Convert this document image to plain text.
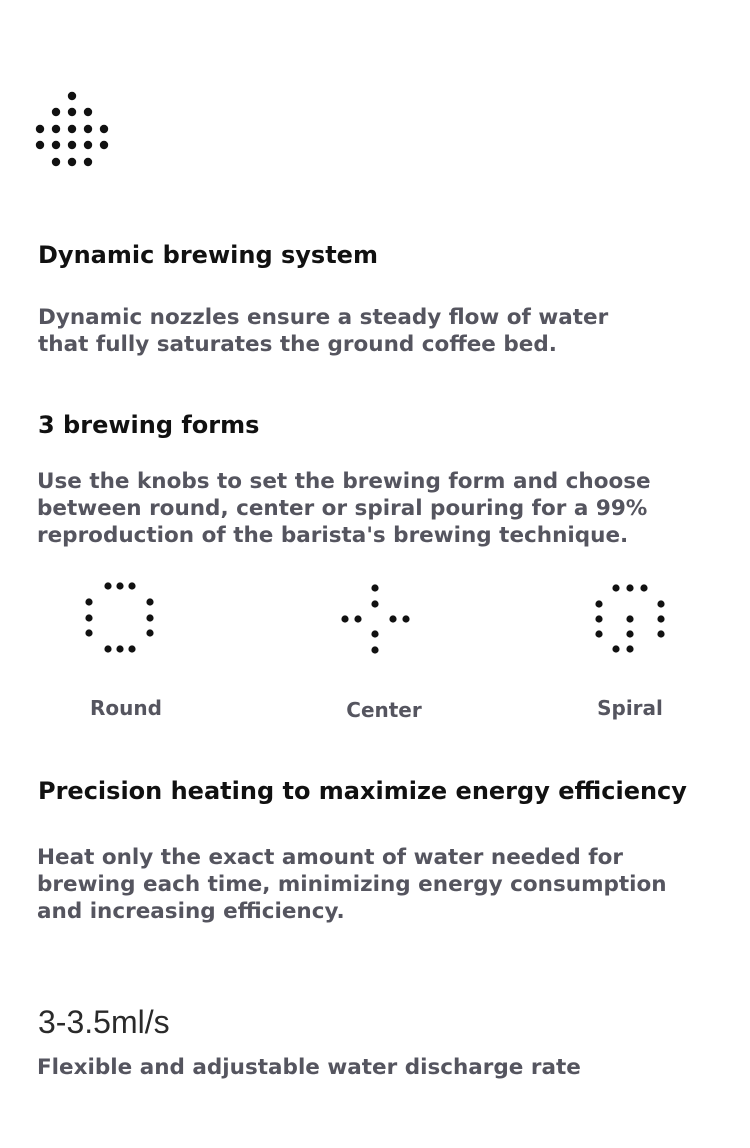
Dynamic brewing system
Dynamic nozzles ensure a steady flow of water that fully saturates the ground coffee bed.
3 brewing forms
Use the knobs to set the brewing form and choose between round, center or spiral pouring for a 99% reproduction of the barista's brewing technique.
Round	Center	Spiral
Precision heating to maximize energy efficiency
Heat only the exact amount of water needed for brewing each time, minimizing energy consumption and increasing efficiency.
3-3.5ml/s
Flexible and adjustable water discharge rate
